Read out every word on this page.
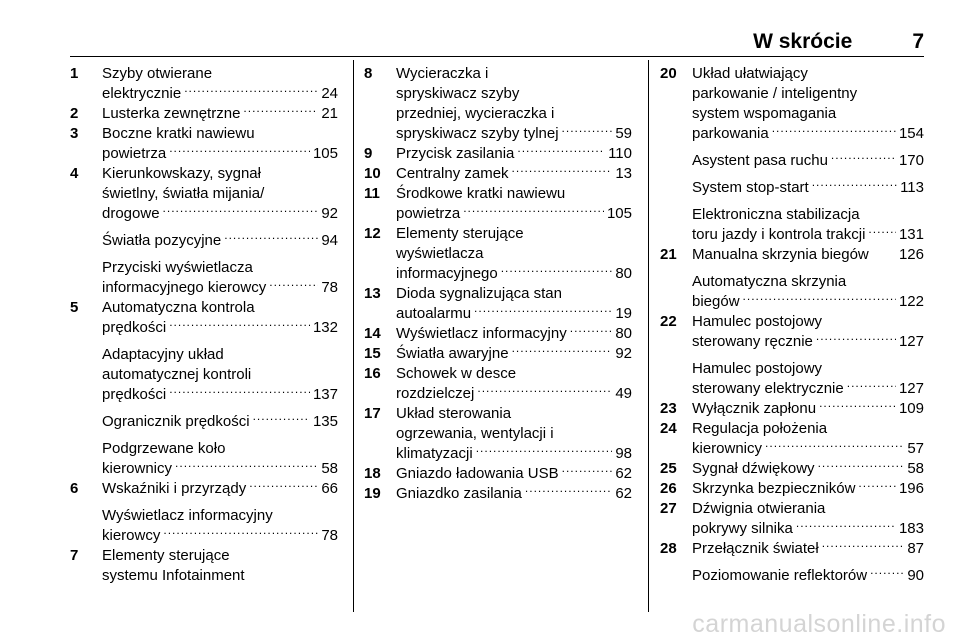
W skrócie	7
1	Szyby otwierane
elektrycznie .....	24
2	Lusterka zewnętrzne .....	21
3	Boczne kratki nawiewu
powietrza .....	105
4	Kierunkowskazy, sygnał
świetlny, światła mijania/
drogowe .....	92
Światła pozycyjne .....	94
Przyciski wyświetlacza
informacyjnego kierowcy .....	78
5	Automatyczna kontrola
prędkości .....	132
Adaptacyjny układ
automatycznej kontroli
prędkości .....	137
Ogranicznik prędkości .....	135
Podgrzewane koło
kierownicy .....	58
6	Wskaźniki i przyrządy .....	66
Wyświetlacz informacyjny
kierowcy .....	78
7	Elementy sterujące
systemu Infotainment
8	Wycieraczka i
spryskiwacz szyby
przedniej, wycieraczka i
spryskiwacz szyby tylnej .....	59
9	Przycisk zasilania .....	110
10	Centralny zamek .....	13
11	Środkowe kratki nawiewu
powietrza .....	105
12	Elementy sterujące
wyświetlacza
informacyjnego .....	80
13	Dioda sygnalizująca stan
autoalarmu .....	19
14	Wyświetlacz informacyjny .....	80
15	Światła awaryjne .....	92
16	Schowek w desce
rozdzielczej .....	49
17	Układ sterowania
ogrzewania, wentylacji i
klimatyzacji .....	98
18	Gniazdo ładowania USB .....	62
19	Gniazdko zasilania .....	62
20	Układ ułatwiający
parkowanie / inteligentny
system wspomagania
parkowania .....	154
Asystent pasa ruchu .....	170
System stop-start .....	113
Elektroniczna stabilizacja
toru jazdy i kontrola trakcji ..... 131
21	Manualna skrzynia biegów 126
Automatyczna skrzynia
biegów .....	122
22	Hamulec postojowy
sterowany ręcznie .....	127
Hamulec postojowy
sterowany elektrycznie .....	127
23	Wyłącznik zapłonu .....	109
24	Regulacja położenia
kierownicy .....	57
25	Sygnał dźwiękowy .....	58
26	Skrzynka bezpieczników .....	196
27	Dźwignia otwierania
pokrywy silnika .....	183
28	Przełącznik świateł .....	87
Poziomowanie reflektorów .....	90
carmanualsonline.info
